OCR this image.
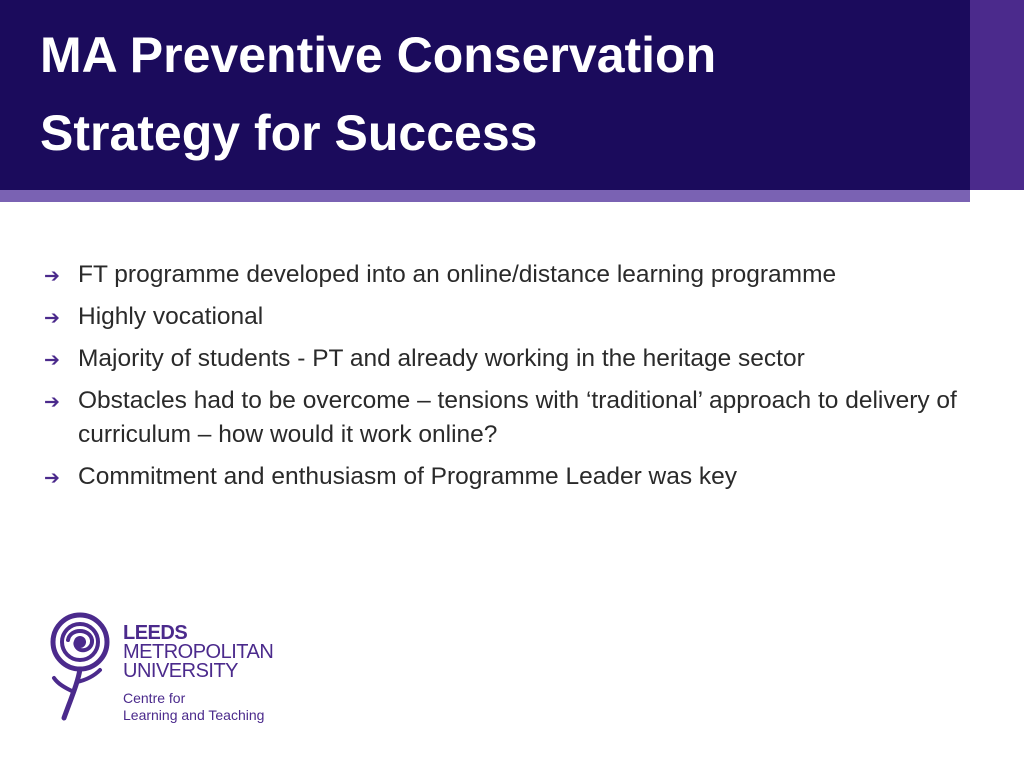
MA Preventive Conservation
Strategy for Success
➔ FT programme developed into an online/distance learning programme
➔ Highly vocational
➔ Majority of students - PT and already working in the heritage sector
➔ Obstacles had to be overcome – tensions with ‘traditional’ approach to delivery of curriculum – how would it work online?
➔ Commitment and enthusiasm of Programme Leader was key
LEEDS
METROPOLITAN
UNIVERSITY
Centre for
Learning and Teaching
